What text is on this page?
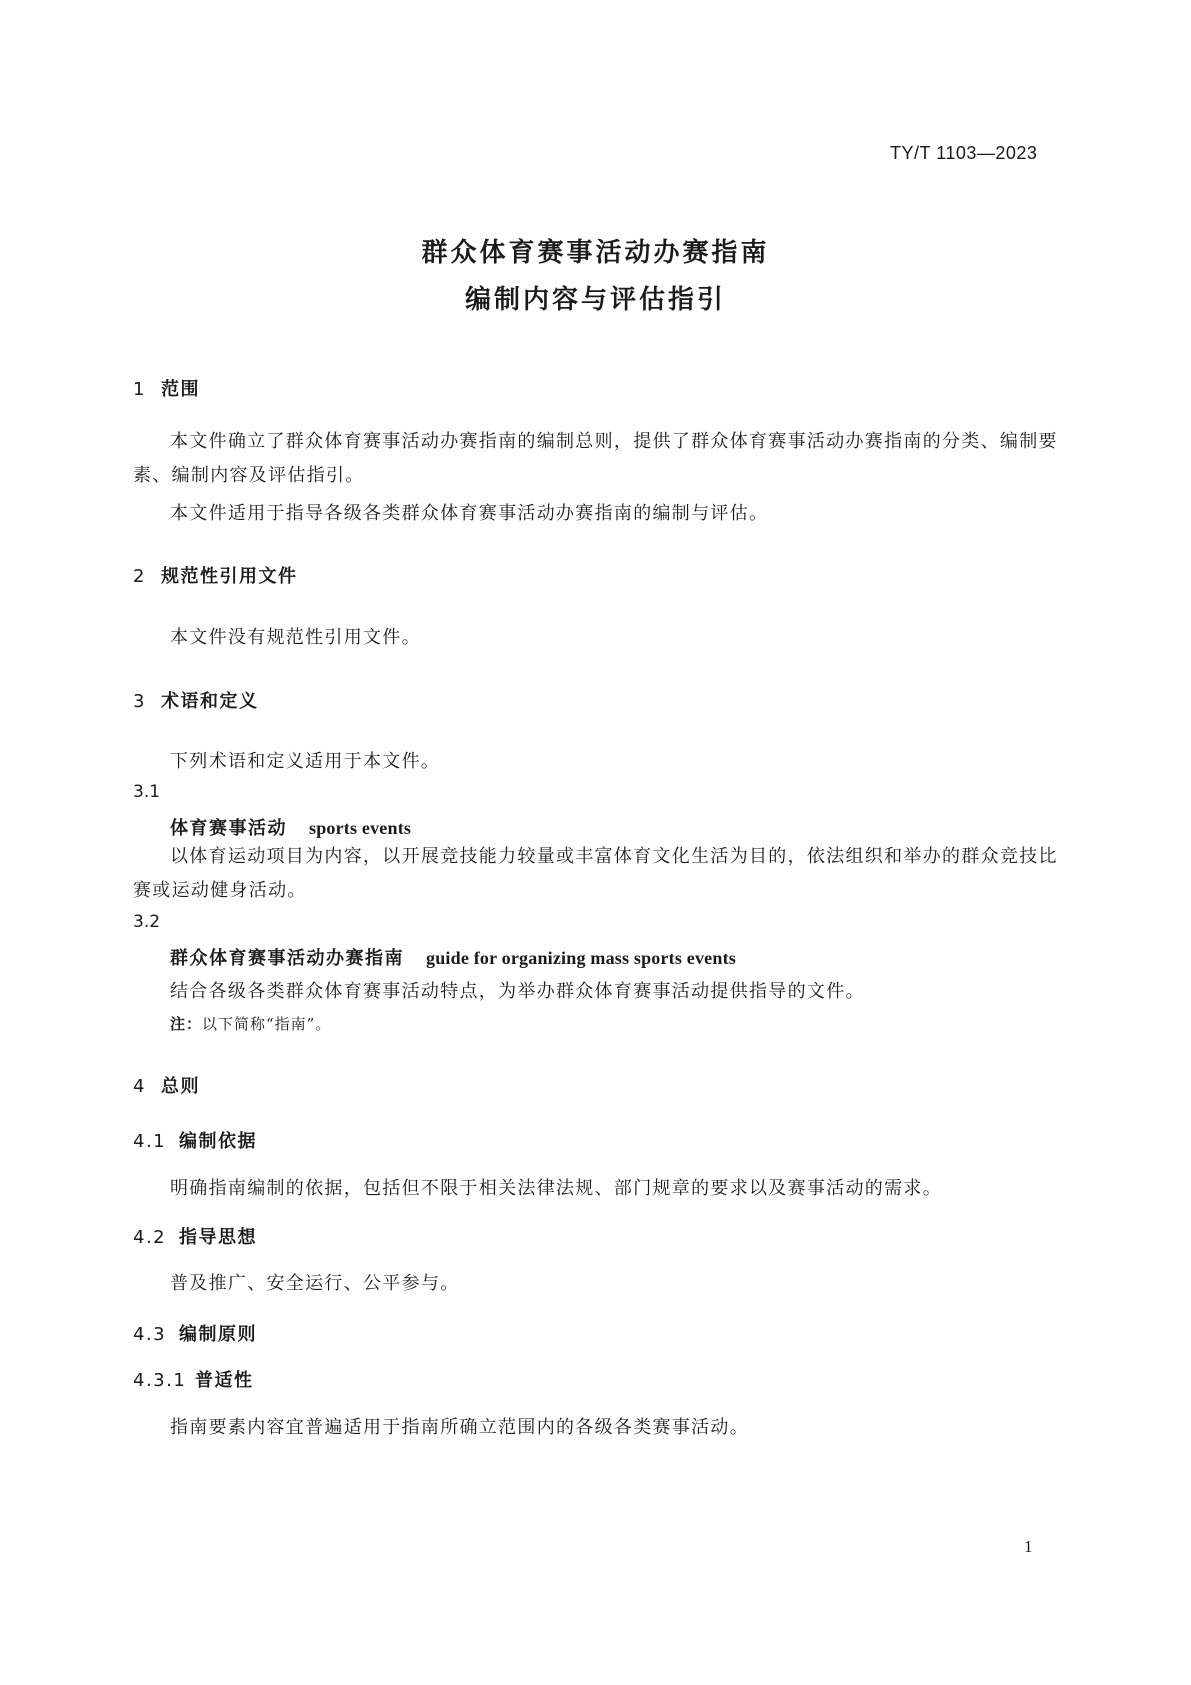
TY/T 1103—2023
群众体育赛事活动办赛指南
编制内容与评估指引
1 范围
本文件确立了群众体育赛事活动办赛指南的编制总则，提供了群众体育赛事活动办赛指南的分类、编制要素、编制内容及评估指引。
本文件适用于指导各级各类群众体育赛事活动办赛指南的编制与评估。
2 规范性引用文件
本文件没有规范性引用文件。
3 术语和定义
下列术语和定义适用于本文件。
3.1
体育赛事活动 sports events
以体育运动项目为内容，以开展竞技能力较量或丰富体育文化生活为目的，依法组织和举办的群众竞技比赛或运动健身活动。
3.2
群众体育赛事活动办赛指南 guide for organizing mass sports events
结合各级各类群众体育赛事活动特点，为举办群众体育赛事活动提供指导的文件。
注：以下简称“指南”。
4 总则
4.1 编制依据
明确指南编制的依据，包括但不限于相关法律法规、部门规章的要求以及赛事活动的需求。
4.2 指导思想
普及推广、安全运行、公平参与。
4.3 编制原则
4.3.1 普适性
指南要素内容宜普遍适用于指南所确立范围内的各级各类赛事活动。
1
